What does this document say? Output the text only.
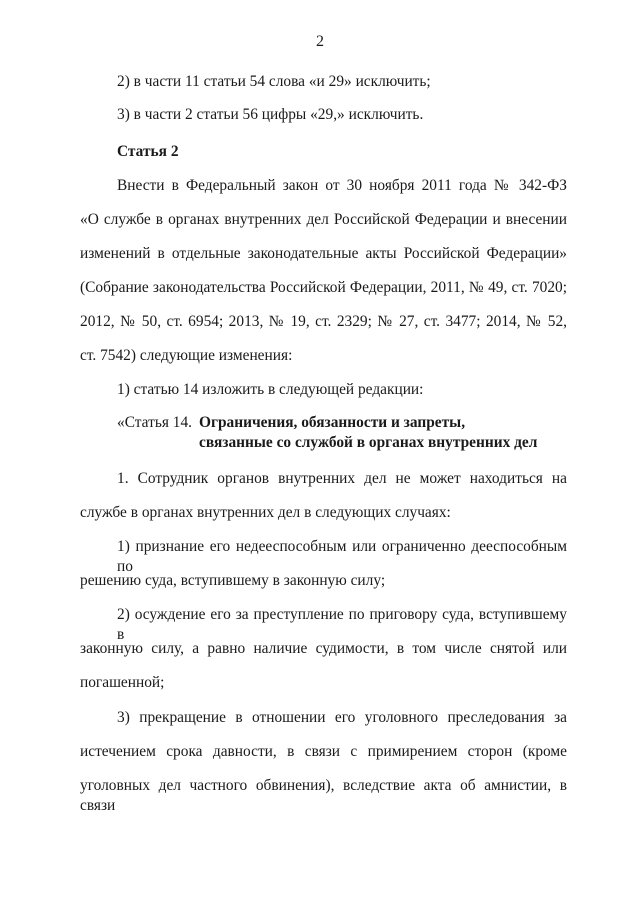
2
2) в части 11 статьи 54 слова «и 29» исключить;
3) в части 2 статьи 56 цифры «29,» исключить.
Статья 2
Внести в Федеральный закон от 30 ноября 2011 года № 342-ФЗ
«О службе в органах внутренних дел Российской Федерации и внесении
изменений в отдельные законодательные акты Российской Федерации»
(Собрание законодательства Российской Федерации, 2011, № 49, ст. 7020;
2012, № 50, ст. 6954; 2013, № 19, ст. 2329; № 27, ст. 3477; 2014, № 52,
ст. 7542) следующие изменения:
1) статью 14 изложить в следующей редакции:
«Статья 14. Ограничения, обязанности и запреты,
связанные со службой в органах внутренних дел
1. Сотрудник органов внутренних дел не может находиться на
службе в органах внутренних дел в следующих случаях:
1) признание его недееспособным или ограниченно дееспособным по
решению суда, вступившему в законную силу;
2) осуждение его за преступление по приговору суда, вступившему в
законную силу, а равно наличие судимости, в том числе снятой или
погашенной;
3) прекращение в отношении его уголовного преследования за
истечением срока давности, в связи с примирением сторон (кроме
уголовных дел частного обвинения), вследствие акта об амнистии, в связи
